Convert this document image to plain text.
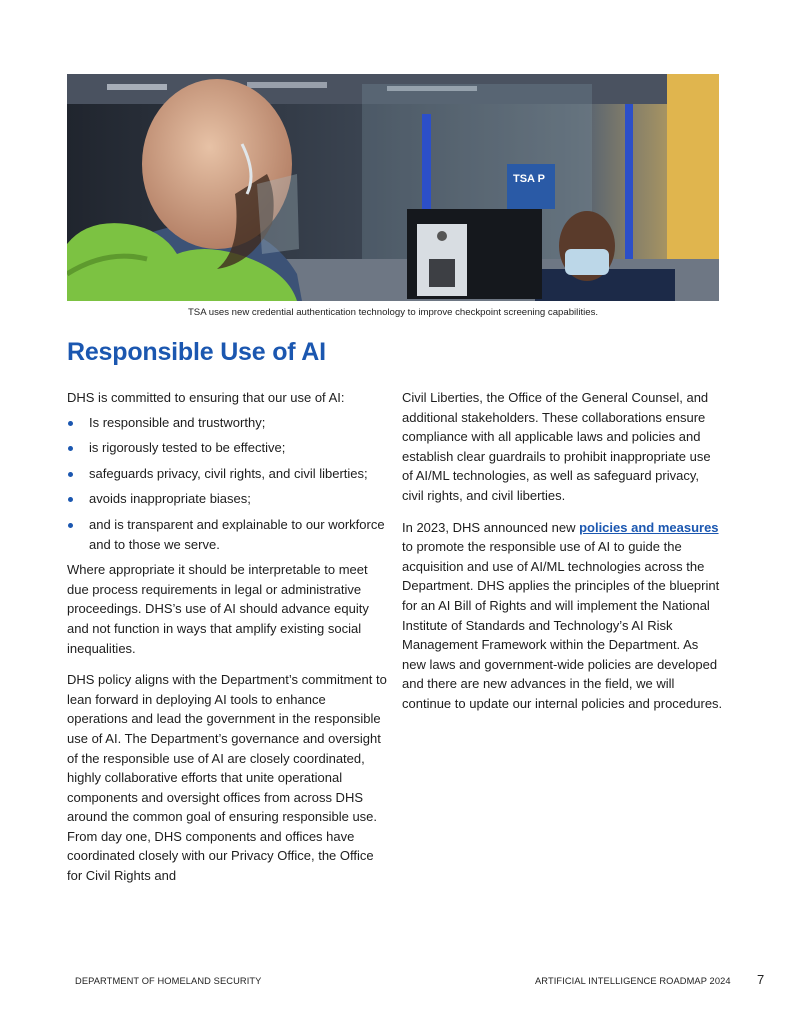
TSA P
TSA uses new credential authentication technology to improve checkpoint screening capabilities.
Responsible Use of AI

DHS is committed to ensuring that our use of AI:

Is responsible and trustworthy;
is rigorously tested to be effective;
safeguards privacy, civil rights, and civil liberties;
avoids inappropriate biases;
and is transparent and explainable to our workforce and to those we serve.

Where appropriate it should be interpretable to meet due process requirements in legal or administrative proceedings. DHS’s use of AI should advance equity and not function in ways that amplify existing social inequalities.

DHS policy aligns with the Department’s commitment to lean forward in deploying AI tools to enhance operations and lead the government in the responsible use of AI. The Department’s governance and oversight of the responsible use of AI are closely coordinated, highly collaborative efforts that unite operational components and oversight offices from across DHS around the common goal of ensuring responsible use. From day one, DHS components and offices have coordinated closely with our Privacy Office, the Office for Civil Rights and

Civil Liberties, the Office of the General Counsel, and additional stakeholders. These collaborations ensure compliance with all applicable laws and policies and establish clear guardrails to prohibit inappropriate use of AI/ML technologies, as well as safeguard privacy, civil rights, and civil liberties.

In 2023, DHS announced new policies and measures to promote the responsible use of AI to guide the acquisition and use of AI/ML technologies across the Department. DHS applies the principles of the blueprint for an AI Bill of Rights and will implement the National Institute of Standards and Technology’s AI Risk Management Framework within the Department. As new laws and government-wide policies are developed and there are new advances in the field, we will continue to update our internal policies and procedures.

DEPARTMENT OF HOMELAND SECURITY	ARTIFICIAL INTELLIGENCE ROADMAP 2024 7
